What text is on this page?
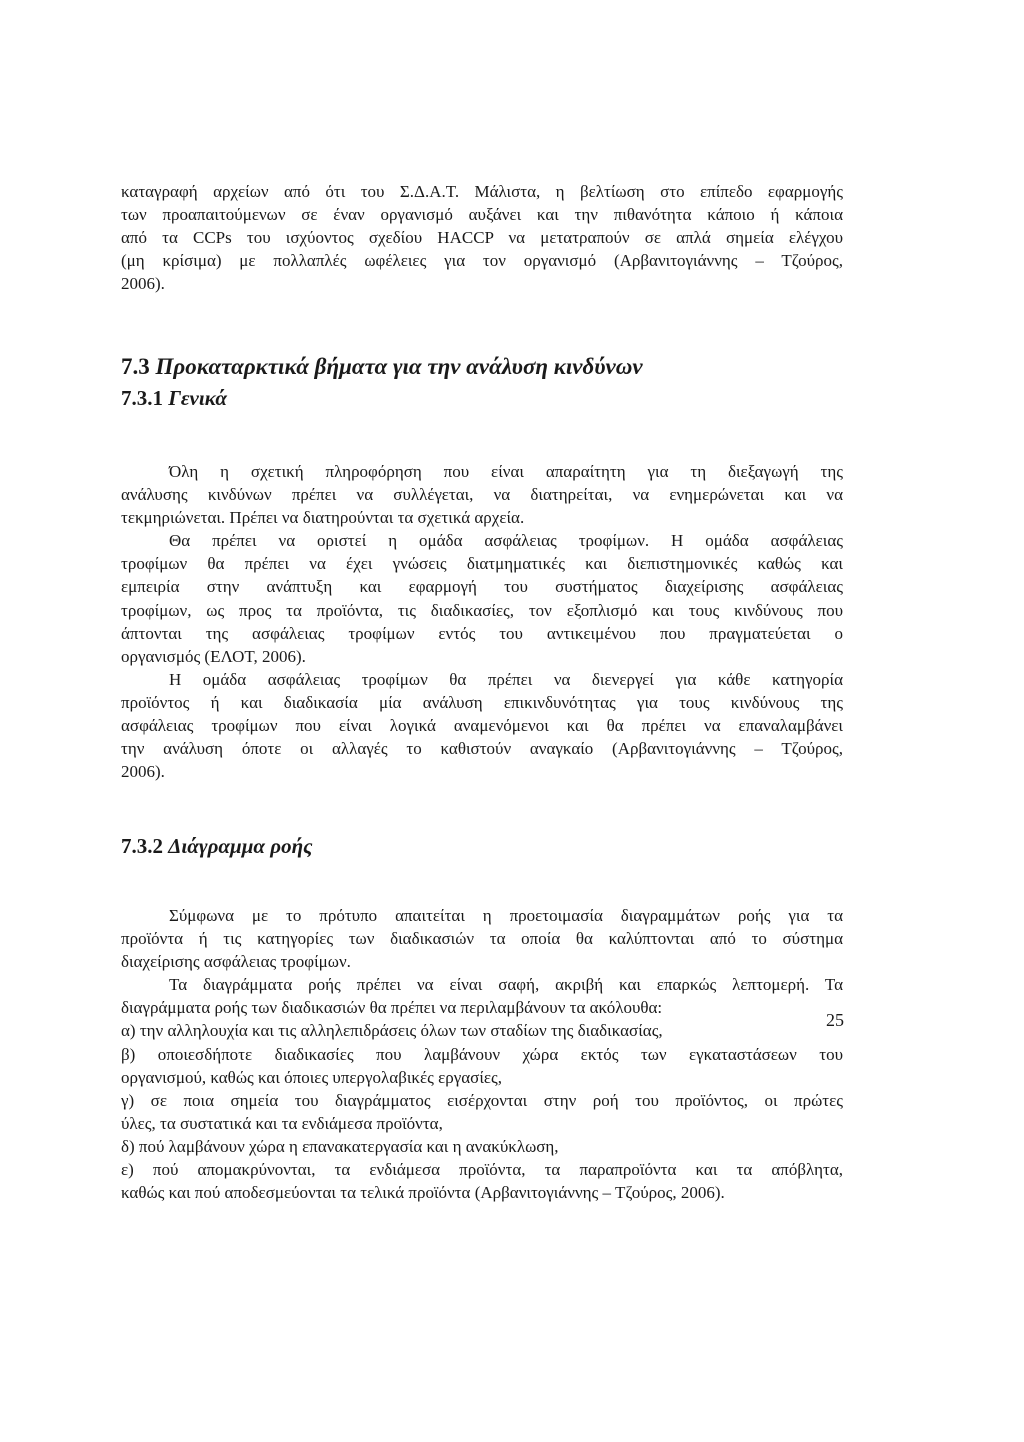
καταγραφή αρχείων από ότι του Σ.Δ.Α.Τ. Μάλιστα, η βελτίωση στο επίπεδο εφαρμογής
των προαπαιτούμενων σε έναν οργανισμό αυξάνει και την πιθανότητα κάποιο ή κάποια
από τα CCPs του ισχύοντος σχεδίου HACCP να μετατραπούν σε απλά σημεία ελέγχου
(μη κρίσιμα) με πολλαπλές ωφέλειες για τον οργανισμό (Αρβανιτογιάννης – Τζούρος,
2006).
7.3 Προκαταρκτικά βήματα για την ανάλυση κινδύνων
7.3.1 Γενικά
Όλη η σχετική πληροφόρηση που είναι απαραίτητη για τη διεξαγωγή της
ανάλυσης κινδύνων πρέπει να συλλέγεται, να διατηρείται, να ενημερώνεται και να
τεκμηριώνεται. Πρέπει να διατηρούνται τα σχετικά αρχεία.
Θα πρέπει να οριστεί η ομάδα ασφάλειας τροφίμων. Η ομάδα ασφάλειας
τροφίμων θα πρέπει να έχει γνώσεις διατμηματικές και διεπιστημονικές καθώς και
εμπειρία στην ανάπτυξη και εφαρμογή του συστήματος διαχείρισης ασφάλειας
τροφίμων, ως προς τα προϊόντα, τις διαδικασίες, τον εξοπλισμό και τους κινδύνους που
άπτονται της ασφάλειας τροφίμων εντός του αντικειμένου που πραγματεύεται ο
οργανισμός (ΕΛΟΤ, 2006).
Η ομάδα ασφάλειας τροφίμων θα πρέπει να διενεργεί για κάθε κατηγορία
προϊόντος ή και διαδικασία μία ανάλυση επικινδυνότητας για τους κινδύνους της
ασφάλειας τροφίμων που είναι λογικά αναμενόμενοι και θα πρέπει να επαναλαμβάνει
την ανάλυση όποτε οι αλλαγές το καθιστούν αναγκαίο (Αρβανιτογιάννης – Τζούρος,
2006).
7.3.2 Διάγραμμα ροής
Σύμφωνα με το πρότυπο απαιτείται η προετοιμασία διαγραμμάτων ροής για τα
προϊόντα ή τις κατηγορίες των διαδικασιών τα οποία θα καλύπτονται από το σύστημα
διαχείρισης ασφάλειας τροφίμων.
Τα διαγράμματα ροής πρέπει να είναι σαφή, ακριβή και επαρκώς λεπτομερή. Τα
διαγράμματα ροής των διαδικασιών θα πρέπει να περιλαμβάνουν τα ακόλουθα:
α) την αλληλουχία και τις αλληλεπιδράσεις όλων των σταδίων της διαδικασίας,
β) οποιεσδήποτε διαδικασίες που λαμβάνουν χώρα εκτός των εγκαταστάσεων του
οργανισμού, καθώς και όποιες υπεργολαβικές εργασίες,
γ) σε ποια σημεία του διαγράμματος εισέρχονται στην ροή του προϊόντος, οι πρώτες
ύλες, τα συστατικά και τα ενδιάμεσα προϊόντα,
δ) πού λαμβάνουν χώρα η επανακατεργασία και η ανακύκλωση,
ε) πού απομακρύνονται, τα ενδιάμεσα προϊόντα, τα παραπροϊόντα και τα απόβλητα,
καθώς και πού αποδεσμεύονται τα τελικά προϊόντα (Αρβανιτογιάννης – Τζούρος, 2006).
25
